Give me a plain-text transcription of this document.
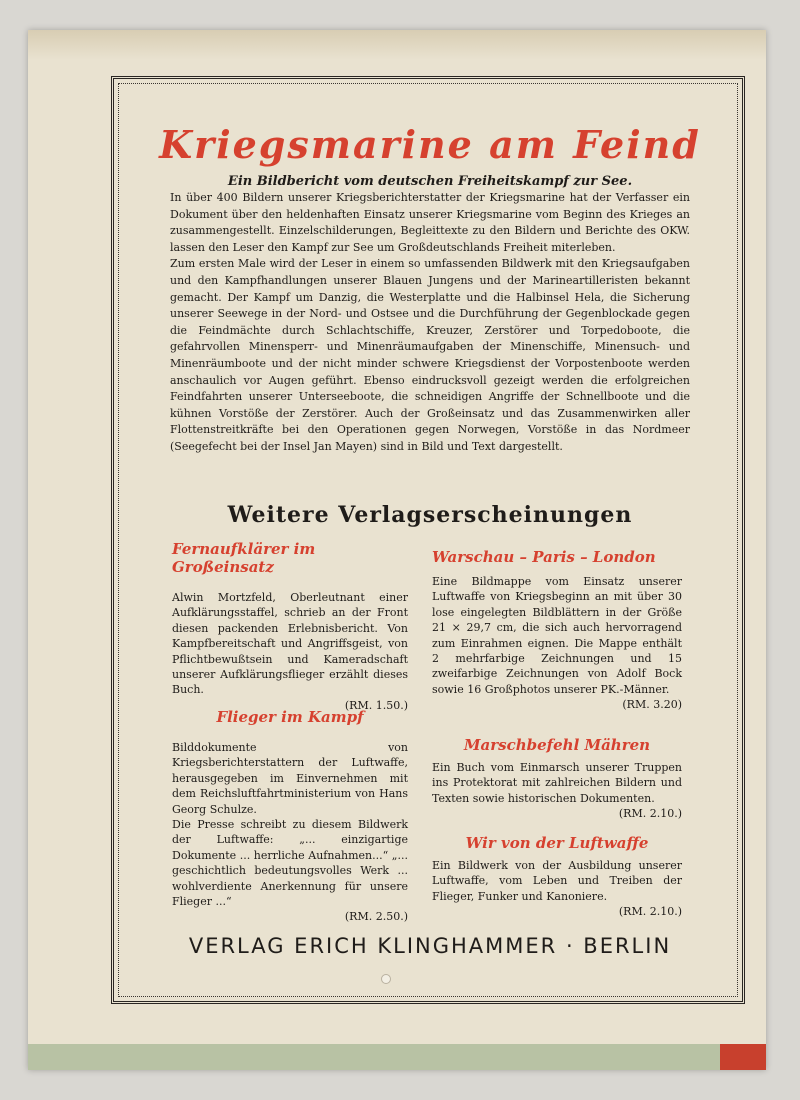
Kriegsmarine am Feind
Ein Bildbericht vom deutschen Freiheitskampf zur See.

In über 400 Bildern unserer Kriegsberichterstatter der Kriegsmarine hat der Verfasser ein Dokument über den heldenhaften Einsatz unserer Kriegsmarine vom Beginn des Krieges an zusammengestellt. Einzelschilderungen, Begleittexte zu den Bildern und Berichte des OKW. lassen den Leser den Kampf zur See um Großdeutschlands Freiheit miterleben.

Zum ersten Male wird der Leser in einem so umfassenden Bildwerk mit den Kriegsaufgaben und den Kampfhandlungen unserer Blauen Jungens und der Marineartilleristen bekannt gemacht. Der Kampf um Danzig, die Westerplatte und die Halbinsel Hela, die Sicherung unserer Seewege in der Nord- und Ostsee und die Durchführung der Gegenblockade gegen die Feindmächte durch Schlachtschiffe, Kreuzer, Zerstörer und Torpedoboote, die gefahrvollen Minensperr- und Minenräumaufgaben der Minenschiffe, Minensuch- und Minenräumboote und der nicht minder schwere Kriegsdienst der Vorpostenboote werden anschaulich vor Augen geführt. Ebenso eindrucksvoll gezeigt werden die erfolgreichen Feindfahrten unserer Unterseeboote, die schneidigen Angriffe der Schnellboote und die kühnen Vorstöße der Zerstörer. Auch der Großeinsatz und das Zusammenwirken aller Flottenstreitkräfte bei den Operationen gegen Norwegen, Vorstöße in das Nordmeer (Seegefecht bei der Insel Jan Mayen) sind in Bild und Text dargestellt.

Weitere Verlagserscheinungen
Fernaufklärer im Großeinsatz

Alwin Mortzfeld, Oberleutnant einer Aufklärungsstaffel, schrieb an der Front diesen packenden Erlebnisbericht. Von Kampfbereitschaft und Angriffsgeist, von Pflichtbewußtsein und Kameradschaft unserer Aufklärungsflieger erzählt dieses Buch.

(RM. 1.50.)
Flieger im Kampf

Bilddokumente von Kriegsberichterstattern der Luftwaffe, herausgegeben im Einvernehmen mit dem Reichsluftfahrtministerium von Hans Georg Schulze.

Die Presse schreibt zu diesem Bildwerk der Luftwaffe: „... einzigartige Dokumente ... herrliche Aufnahmen...“ „... geschichtlich bedeutungsvolles Werk ... wohlverdiente Anerkennung für unsere Flieger ...“

(RM. 2.50.)
Warschau – Paris – London

Eine Bildmappe vom Einsatz unserer Luftwaffe von Kriegsbeginn an mit über 30 lose eingelegten Bildblättern in der Größe 21 × 29,7 cm, die sich auch hervorragend zum Einrahmen eignen. Die Mappe enthält 2 mehrfarbige Zeichnungen und 15 zweifarbige Zeichnungen von Adolf Bock sowie 16 Großphotos unserer PK.-Männer.

(RM. 3.20)
Marschbefehl Mähren

Ein Buch vom Einmarsch unserer Truppen ins Protektorat mit zahlreichen Bildern und Texten sowie historischen Dokumenten.

(RM. 2.10.)
Wir von der Luftwaffe

Ein Bildwerk von der Ausbildung unserer Luftwaffe, vom Leben und Treiben der Flieger, Funker und Kanoniere.

(RM. 2.10.)
VERLAG ERICH KLINGHAMMER · BERLIN
